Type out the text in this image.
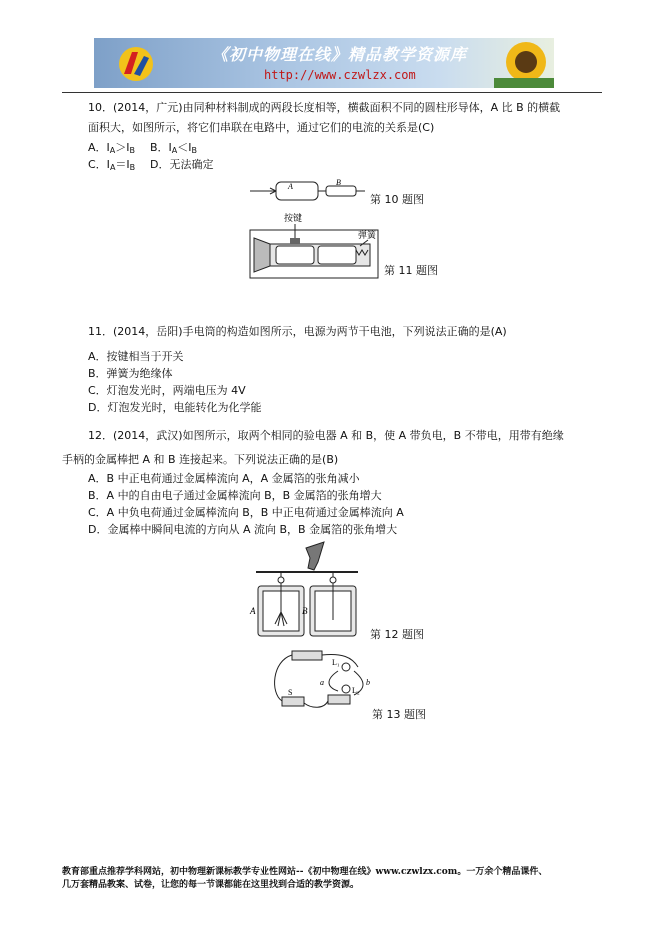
《初中物理在线》精品教学资源库
http://www.czwlzx.com
10．(2014，广元)由同种材料制成的两段长度相等，横截面积不同的圆柱形导体，A 比 B 的横截
面积大，如图所示，将它们串联在电路中，通过它们的电流的关系是(C)
A．$I_A>I_B$ B．$I_A<I_B$
C．$I_A=I_B$ D．无法确定
A	B
第 10 题图
按键
弹簧
第 11 题图
11．(2014，岳阳)手电筒的构造如图所示，电源为两节干电池，下列说法正确的是(A)
A．按键相当于开关
B．弹簧为绝缘体
C．灯泡发光时，两端电压为 4V
D．灯泡发光时，电能转化为化学能
12．(2014，武汉)如图所示，取两个相同的验电器 A 和 B，使 A 带负电，B 不带电，用带有绝缘
手柄的金属棒把 A 和 B 连接起来。下列说法正确的是(B)
A．B 中正电荷通过金属棒流向 A，A 金属箔的张角减小
B．A 中的自由电子通过金属棒流向 B，B 金属箔的张角增大
C．A 中负电荷通过金属棒流向 B，B 中正电荷通过金属棒流向 A
D．金属棒中瞬间电流的方向从 A 流向 B，B 金属箔的张角增大
A	B
第 12 题图
L₁
L₂
S
a	b
第 13 题图
教育部重点推荐学科网站，初中物理新课标教学专业性网站--《初中物理在线》www.czwlzx.com。一万余个精品课件、
几万套精品教案、试卷，让您的每一节课都能在这里找到合适的教学资源。
